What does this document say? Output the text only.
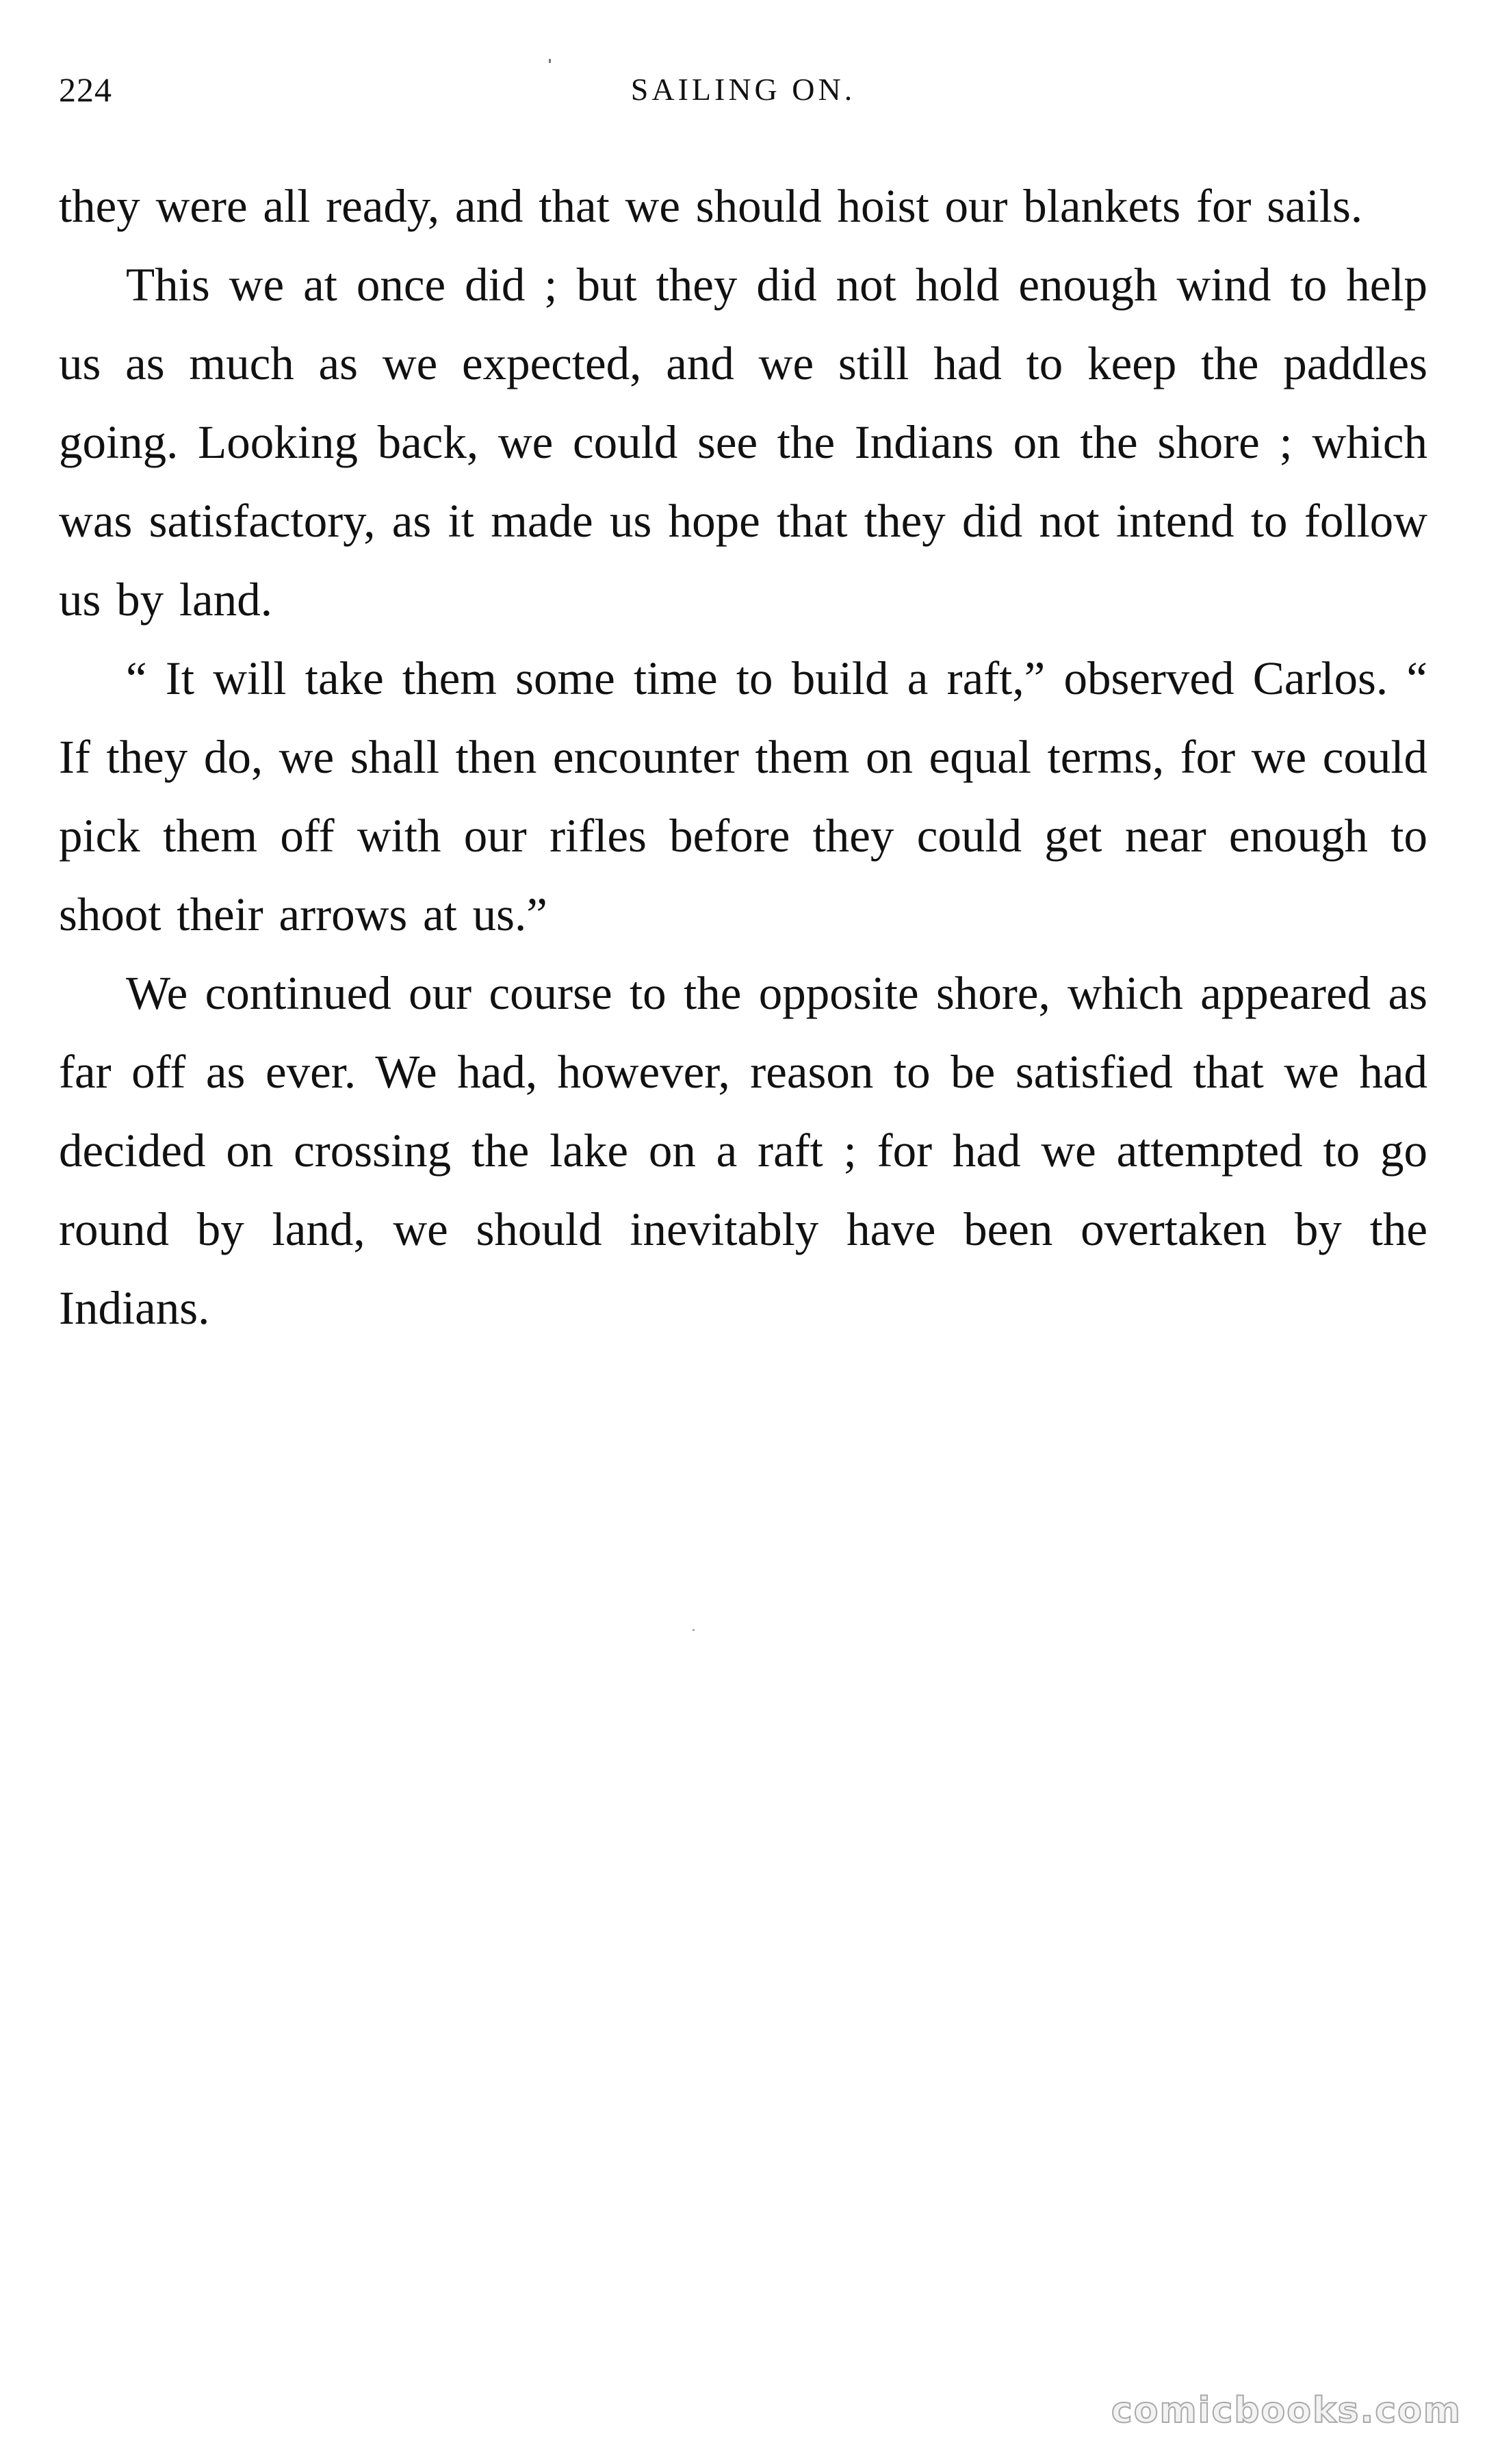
224	SAILING ON.

they were all ready, and that we should hoist our blankets for sails.

This we at once did ; but they did not hold enough wind to help us as much as we expected, and we still had to keep the paddles going. Looking back, we could see the Indians on the shore ; which was satisfactory, as it made us hope that they did not intend to follow us by land.

“ It will take them some time to build a raft,” observed Carlos. “ If they do, we shall then encounter them on equal terms, for we could pick them off with our rifles before they could get near enough to shoot their arrows at us.”

We continued our course to the opposite shore, which appeared as far off as ever. We had, however, reason to be satisfied that we had decided on crossing the lake on a raft ; for had we attempted to go round by land, we should inevitably have been overtaken by the Indians.

comicbooks.com
